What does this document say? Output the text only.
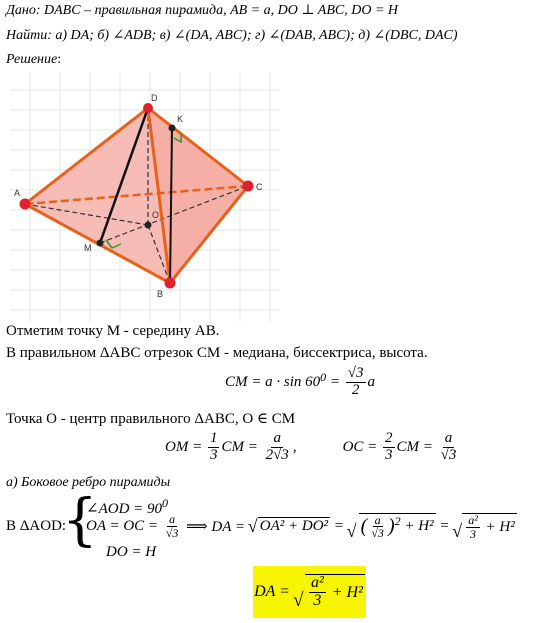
Дано: DABC – правильная пирамида, AB = a, DO ⊥ ABC, DO = H
Найти: а) DA; б) ∠ADB; в) ∠(DA, ABC); г) ∠(DAB, ABC); д) ∠(DBC, DAC)
Решение:
D
K
A
C
O
M
B
Отметим точку M - середину AB.
В правильном ΔABC отрезок CM - медиана, биссектриса, высота.
CM = $a \cdot \sin 60^0 = \frac{√3}{2}$ a
Точка O - центр правильного ΔABC, O ∈ CM
OM = $\frac{1}{3}$ CM = $\frac{a}{2√3}$ ,	OC = $\frac{2}{3}$ CM = $\frac{a}{√3}$
а) Боковое ребро пирамиды
В ΔAOD:
{
∠AOD = $90^0$
OA = OC = $\frac{a}{√3}$ ⟹ DA = √ OA² + DO² = √ ( $\frac{a}{√3} )^2 + H^2$ = √ $\frac{\text{a²}}{3} + H^2$
DO = H
DA = √ $\frac{\text{a²}}{3} + H^2$
